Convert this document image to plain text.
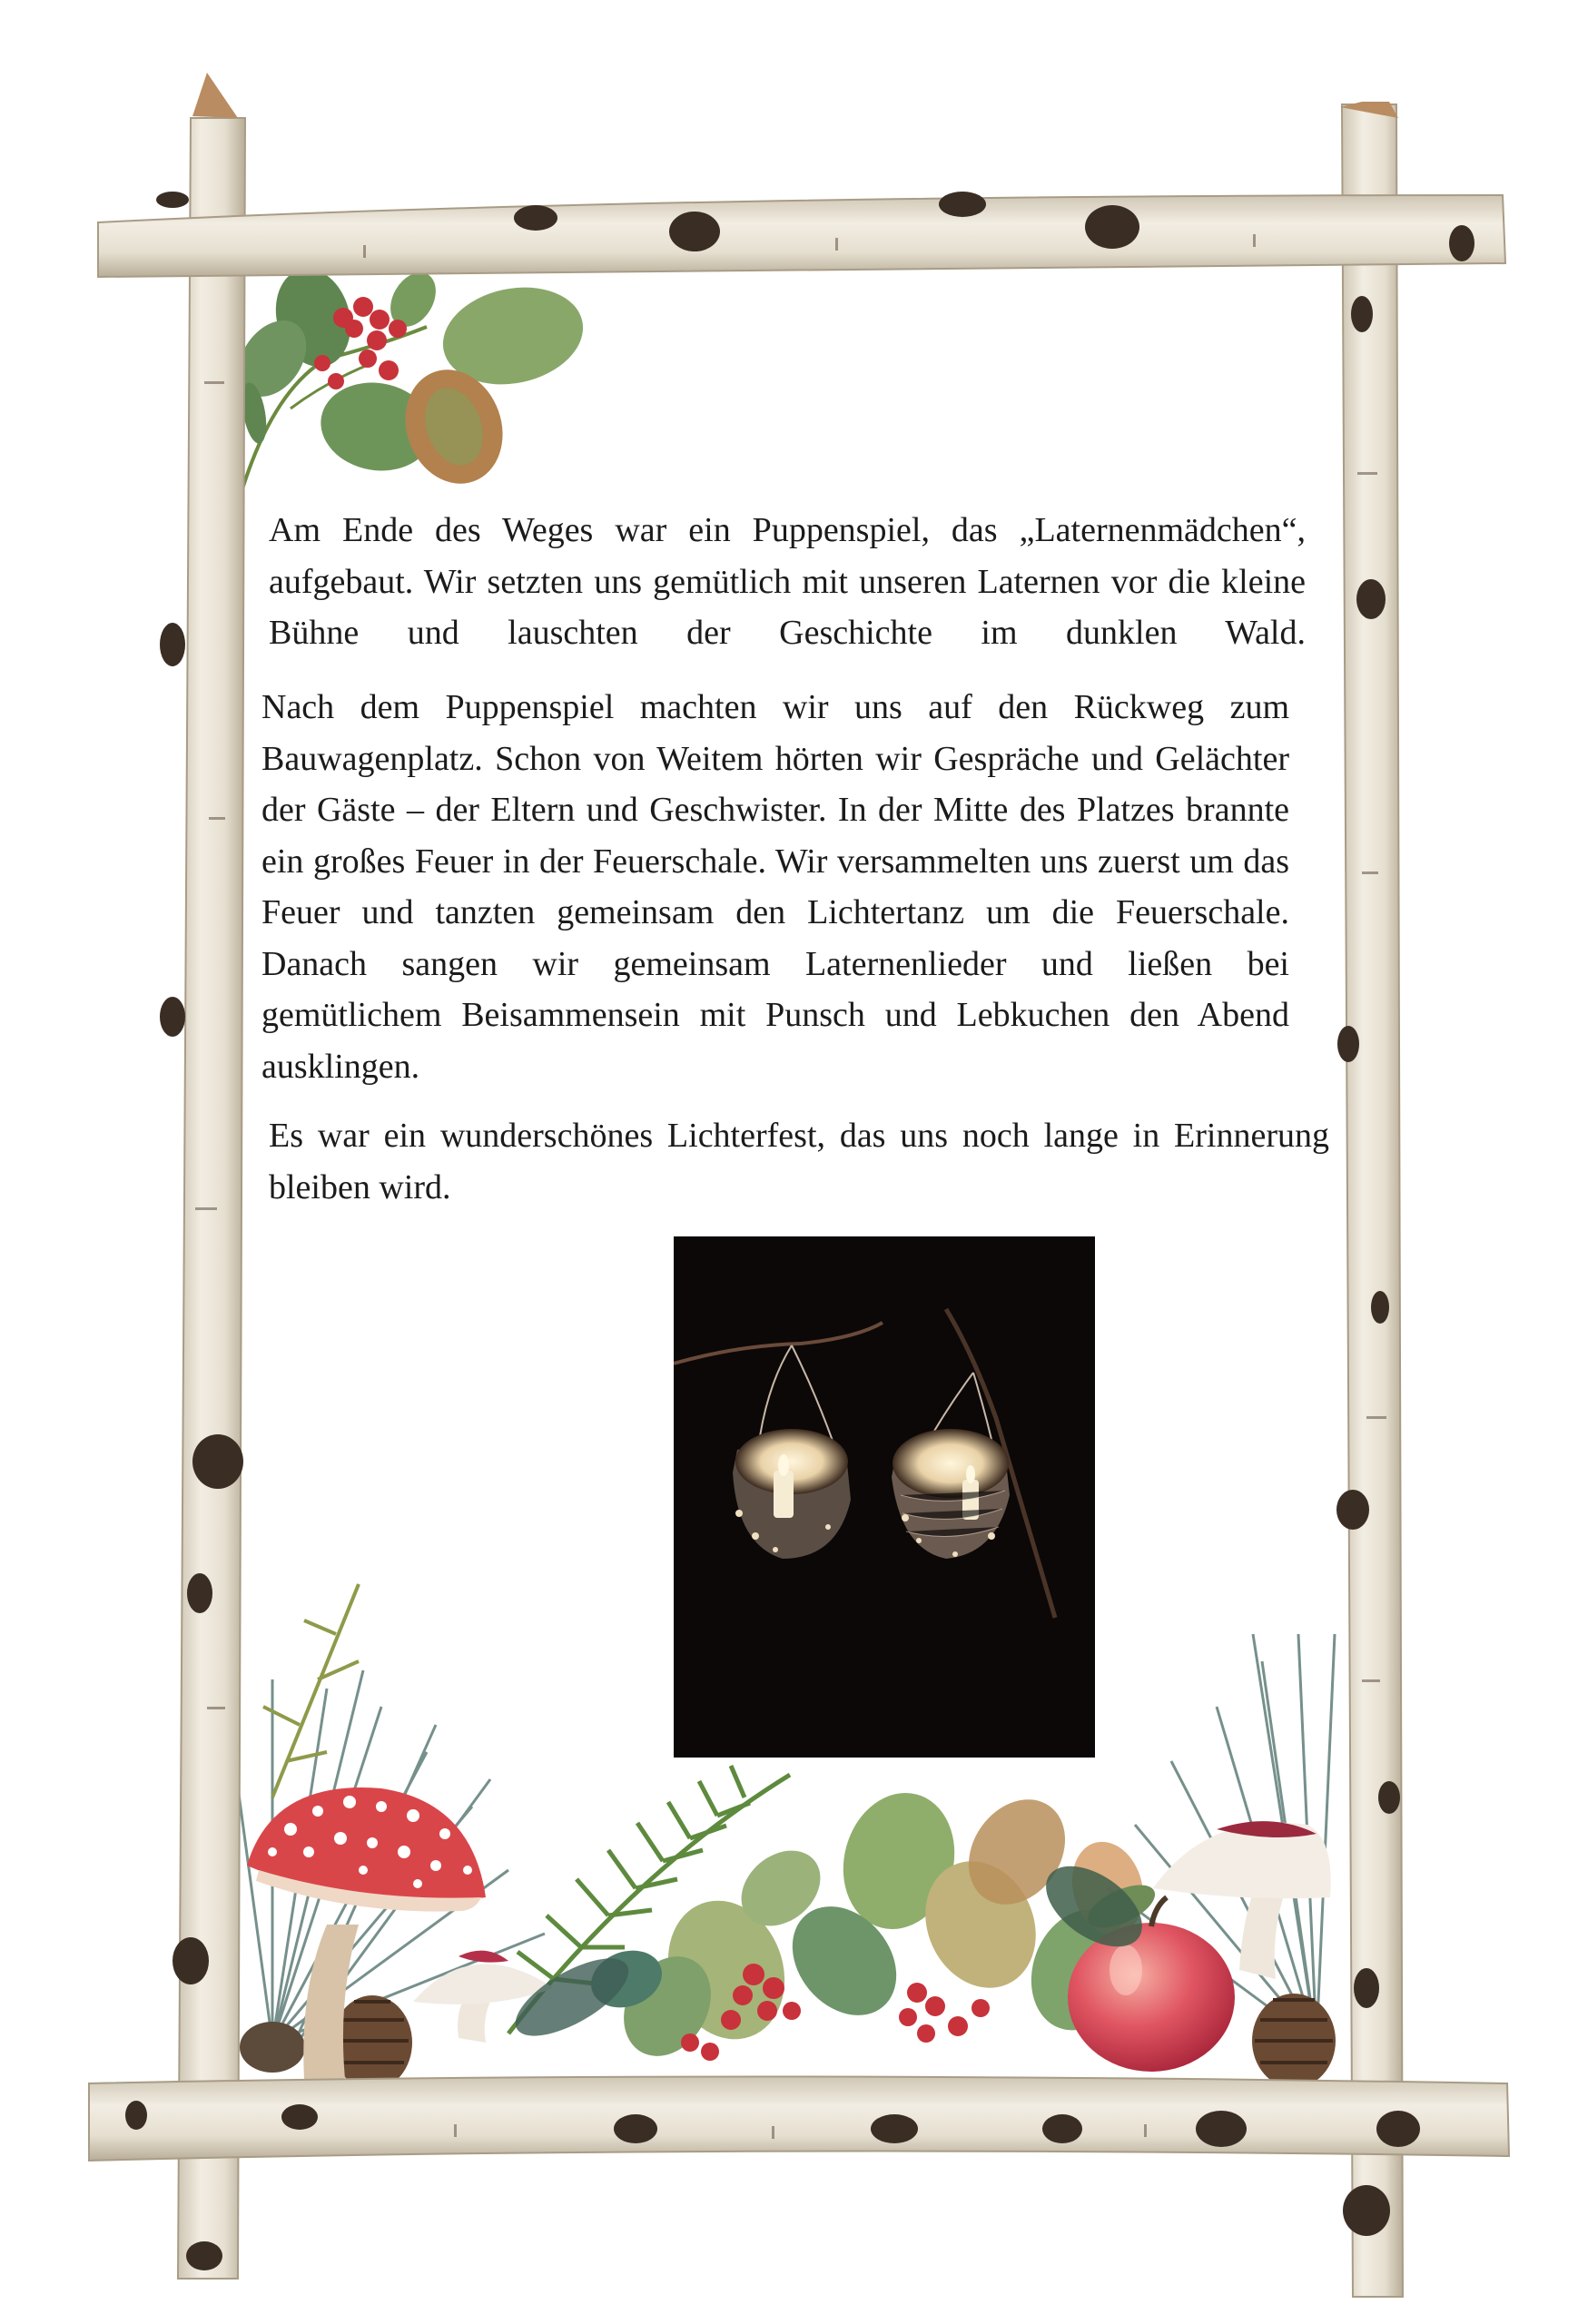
Am Ende des Weges war ein Puppenspiel, das „Laternenmädchen“, aufgebaut. Wir setzten uns gemütlich mit unseren Laternen vor die kleine Bühne und lauschten der Geschichte im dunklen Wald.

Nach dem Puppenspiel machten wir uns auf den Rückweg zum Bauwagenplatz. Schon von Weitem hörten wir Gespräche und Gelächter der Gäste – der Eltern und Geschwister. In der Mitte des Platzes brannte ein großes Feuer in der Feuerschale. Wir versammelten uns zuerst um das Feuer und tanzten gemeinsam den Lichtertanz um die Feuerschale. Danach sangen wir gemeinsam Laternenlieder und ließen bei gemütlichem Beisammensein mit Punsch und Lebkuchen den Abend ausklingen.

Es war ein wunderschönes Lichterfest, das uns noch lange in Erinnerung bleiben wird.
